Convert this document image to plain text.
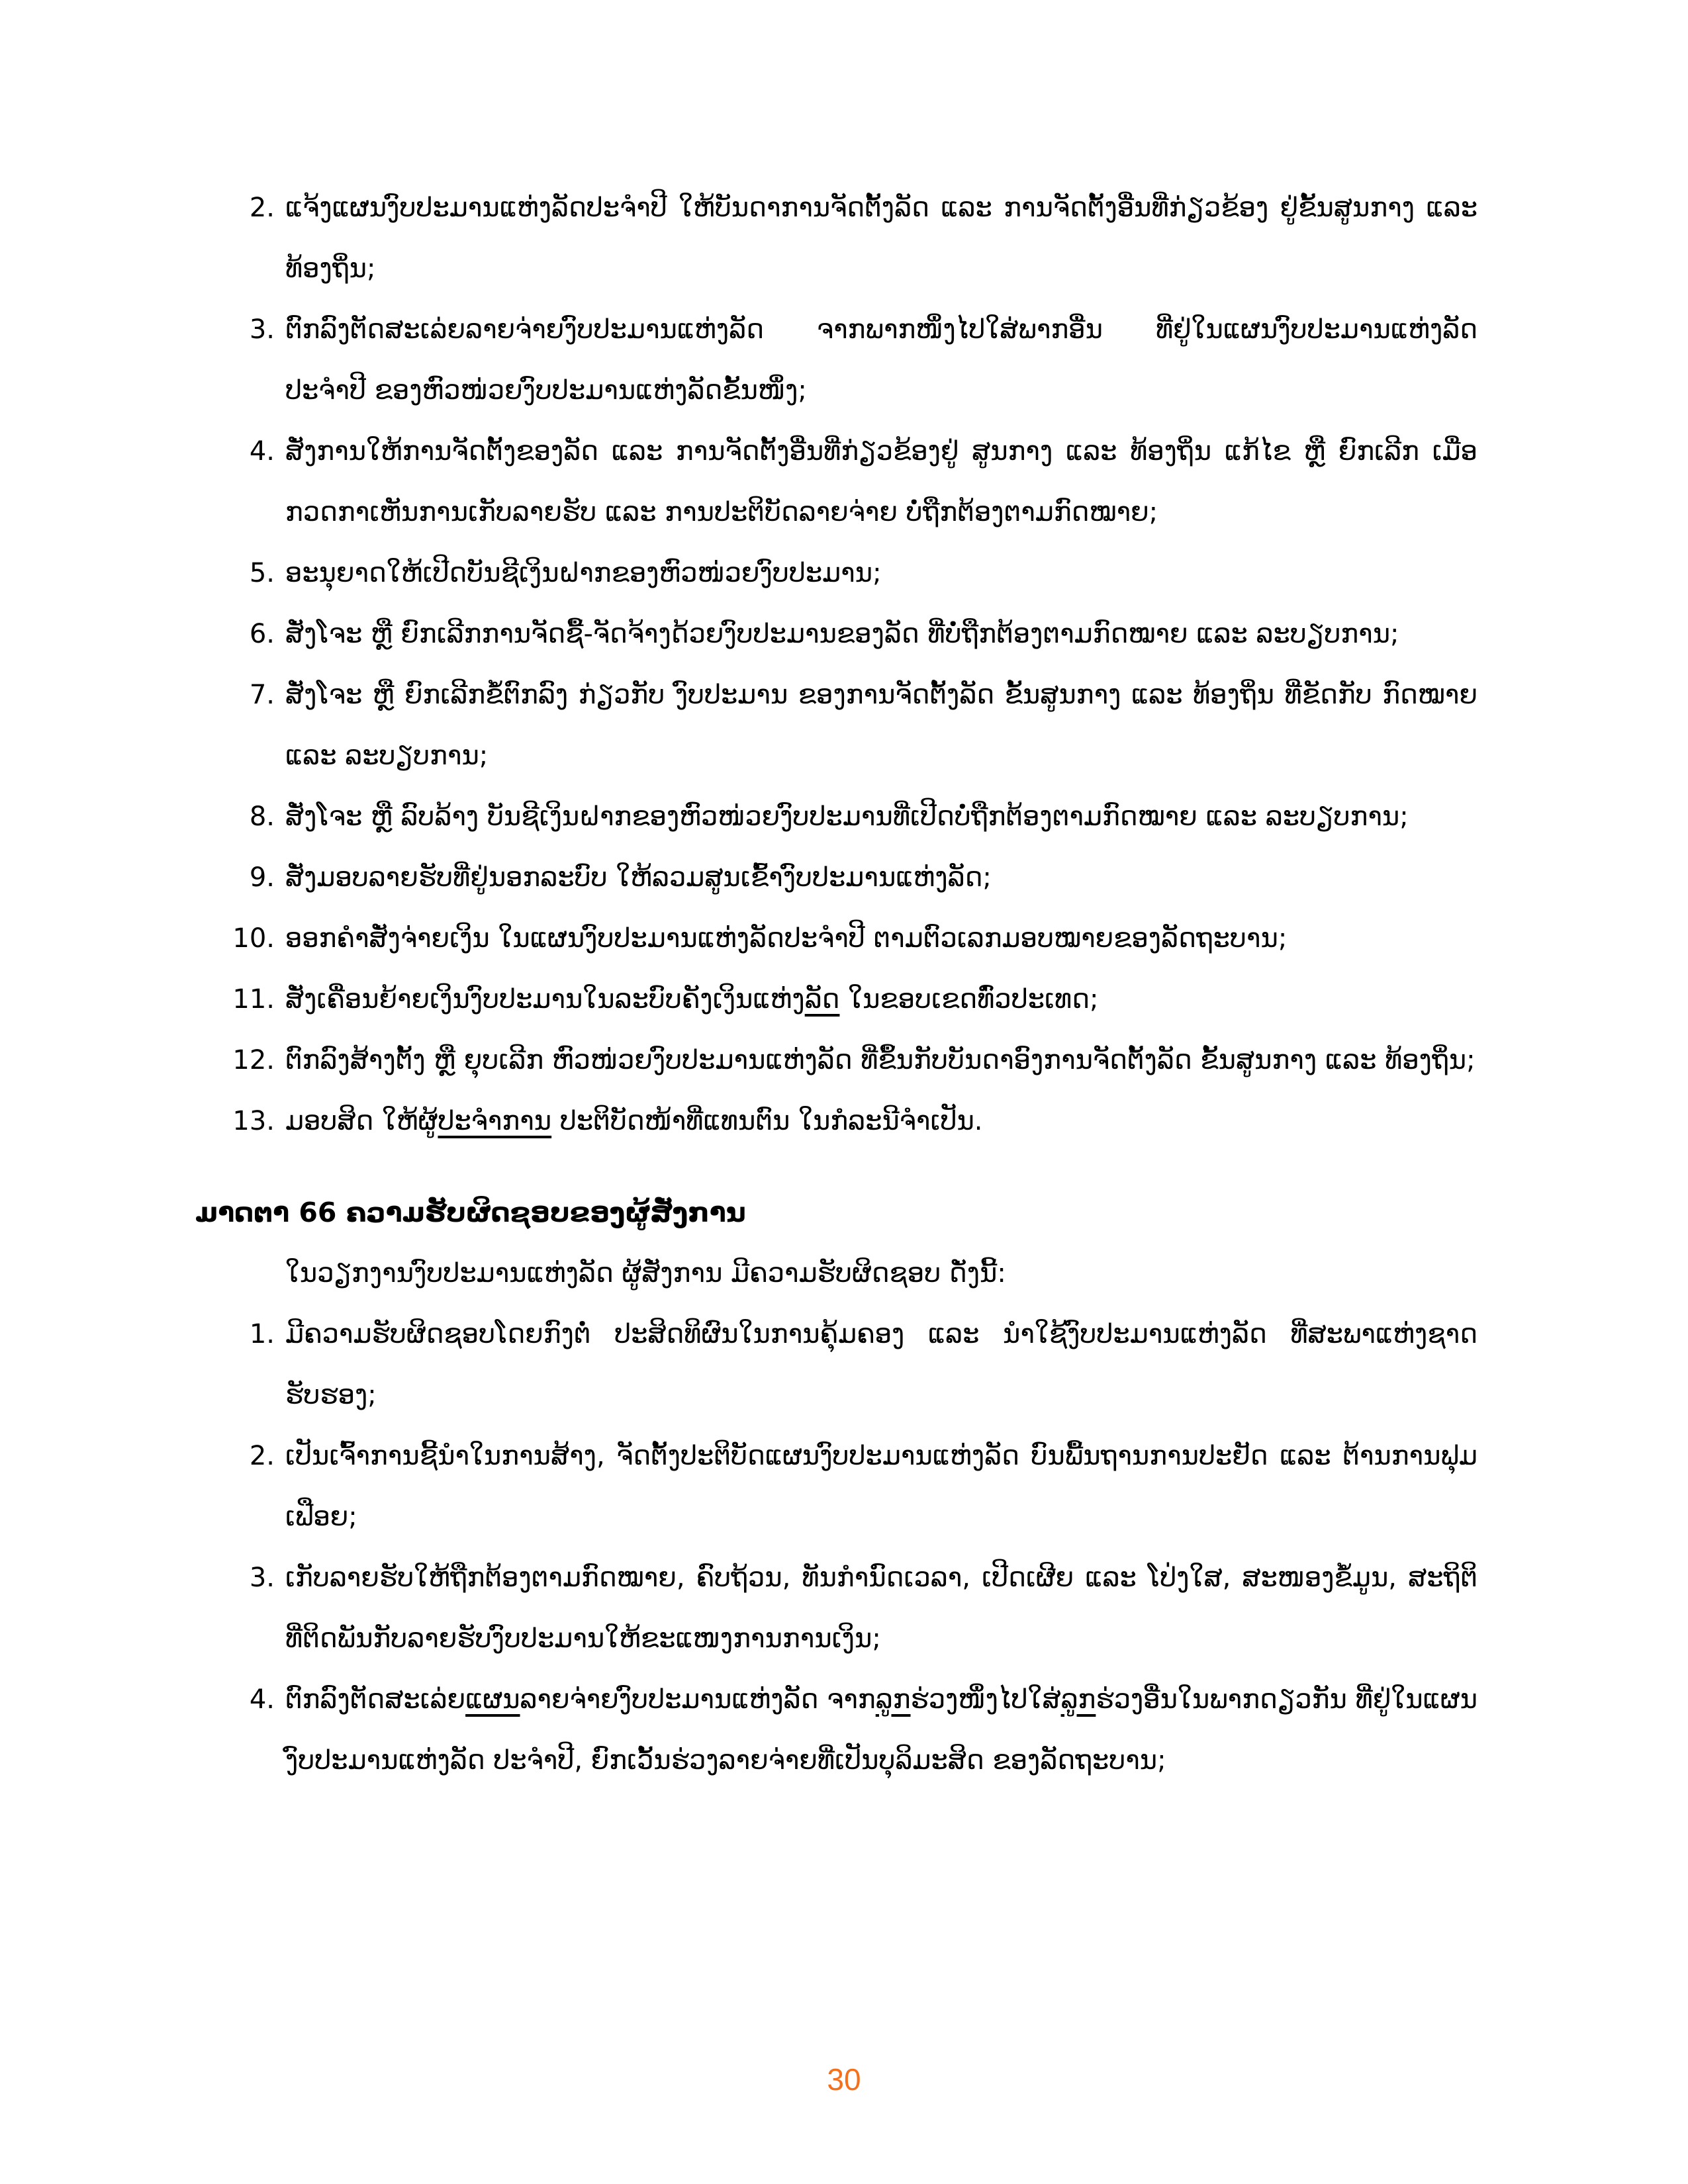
2. ແຈ້ງແຜນງົບປະມານແຫ່ງລັດປະຈຳປີ ໃຫ້ບັນດາການຈັດຕັ້ງລັດ ແລະ ການຈັດຕັ້ງອື່ນທີ່ກ່ຽວຂ້ອງ ຢູ່ຂັ້ນສູນກາງ ແລະ ທ້ອງຖິ່ນ;

3. ຕົກລົງຕັດສະເລ່ຍລາຍຈ່າຍງົບປະມານແຫ່ງລັດ ຈາກພາກໜຶ່ງໄປໃສ່ພາກອື່ນ ທີ່ຢູ່ໃນແຜນງົບປະມານແຫ່ງລັດ ປະຈຳປີ ຂອງຫົວໜ່ວຍງົບປະມານແຫ່ງລັດຂັ້ນໜຶ່ງ;

4. ສັ່ງການໃຫ້ການຈັດຕັ້ງຂອງລັດ ແລະ ການຈັດຕັ້ງອື່ນທີ່ກ່ຽວຂ້ອງຢູ່ ສູນກາງ ແລະ ທ້ອງຖິ່ນ ແກ້ໄຂ ຫຼື ຍົກເລີກ ເມື່ອກວດກາເຫັນການເກັບລາຍຮັບ ແລະ ການປະຕິບັດລາຍຈ່າຍ ບໍ່ຖືກຕ້ອງຕາມກົດໝາຍ;

5. ອະນຸຍາດໃຫ້ເປີດບັນຊີເງິນຝາກຂອງຫົວໜ່ວຍງົບປະມານ;

6. ສັ່ງໂຈະ ຫຼື ຍົກເລີກການຈັດຊື້-ຈັດຈ້າງດ້ວຍງົບປະມານຂອງລັດ ທີ່ບໍ່ຖືກຕ້ອງຕາມກົດໝາຍ ແລະ ລະບຽບການ;

7. ສັ່ງໂຈະ ຫຼື ຍົກເລີກຂໍ້ຕົກລົງ ກ່ຽວກັບ ງົບປະມານ ຂອງການຈັດຕັ້ງລັດ ຂັ້ນສູນກາງ ແລະ ທ້ອງຖິ່ນ ທີ່ຂັດກັບ ກົດໝາຍ ແລະ ລະບຽບການ;

8. ສັ່ງໂຈະ ຫຼື ລົບລ້າງ ບັນຊີເງິນຝາກຂອງຫົວໜ່ວຍງົບປະມານທີ່ເປີດບໍ່ຖືກຕ້ອງຕາມກົດໝາຍ ແລະ ລະບຽບການ;

9. ສັ່ງມອບລາຍຮັບທີ່ຢູ່ນອກລະບົບ ໃຫ້ລວມສູນເຂົ້າງົບປະມານແຫ່ງລັດ;

10. ອອກຄຳສັ່ງຈ່າຍເງິນ ໃນແຜນງົບປະມານແຫ່ງລັດປະຈຳປີ ຕາມຕົວເລກມອບໝາຍຂອງລັດຖະບານ;

11. ສັ່ງເຄື່ອນຍ້າຍເງິນງົບປະມານໃນລະບົບຄັງເງິນແຫ່ງລັດ ໃນຂອບເຂດທົ່ວປະເທດ;

12. ຕົກລົງສ້າງຕັ້ງ ຫຼື ຍຸບເລີກ ຫົວໜ່ວຍງົບປະມານແຫ່ງລັດ ທີ່ຂຶ້ນກັບບັນດາອົງການຈັດຕັ້ງລັດ ຂັ້ນສູນກາງ ແລະ ທ້ອງຖິ່ນ;

13. ມອບສິດ ໃຫ້ຜູ້ປະຈຳການ ປະຕິບັດໜ້າທີ່ແທນຕົນ ໃນກໍລະນີຈຳເປັນ.

ມາດຕາ 66 ຄວາມຮັບຜິດຊອບຂອງຜູ້ສັ່ງການ

ໃນວຽກງານງົບປະມານແຫ່ງລັດ ຜູ້ສັ່ງການ ມີຄວາມຮັບຜິດຊອບ ດັ່ງນີ້:

1. ມີຄວາມຮັບຜິດຊອບໂດຍກົງຕໍ່ ປະສິດທິຜົນໃນການຄຸ້ມຄອງ ແລະ ນຳໃຊ້ງົບປະມານແຫ່ງລັດ ທີ່ສະພາແຫ່ງຊາດຮັບຮອງ;

2. ເປັນເຈົ້າການຊີ້ນຳໃນການສ້າງ, ຈັດຕັ້ງປະຕິບັດແຜນງົບປະມານແຫ່ງລັດ ບົນພື້ນຖານການປະຢັດ ແລະ ຕ້ານການຟຸມເຟືອຍ;

3. ເກັບລາຍຮັບໃຫ້ຖືກຕ້ອງຕາມກົດໝາຍ, ຄົບຖ້ວນ, ທັນກຳນົດເວລາ, ເປີດເຜີຍ ແລະ ໂປ່ງໃສ, ສະໜອງຂໍ້ມູນ, ສະຖິຕິ ທີ່ຕິດພັນກັບລາຍຮັບງົບປະມານໃຫ້ຂະແໜງການການເງິນ;

4. ຕົກລົງຕັດສະເລ່ຍແຜນລາຍຈ່າຍງົບປະມານແຫ່ງລັດ ຈາກລູກຮ່ວງໜຶ່ງໄປໃສ່ລູກຮ່ວງອື່ນໃນພາກດຽວກັນ ທີ່ຢູ່ໃນແຜນງົບປະມານແຫ່ງລັດ ປະຈຳປີ, ຍົກເວັ້ນຮ່ວງລາຍຈ່າຍທີ່ເປັນບຸລິມະສິດ ຂອງລັດຖະບານ;

30
